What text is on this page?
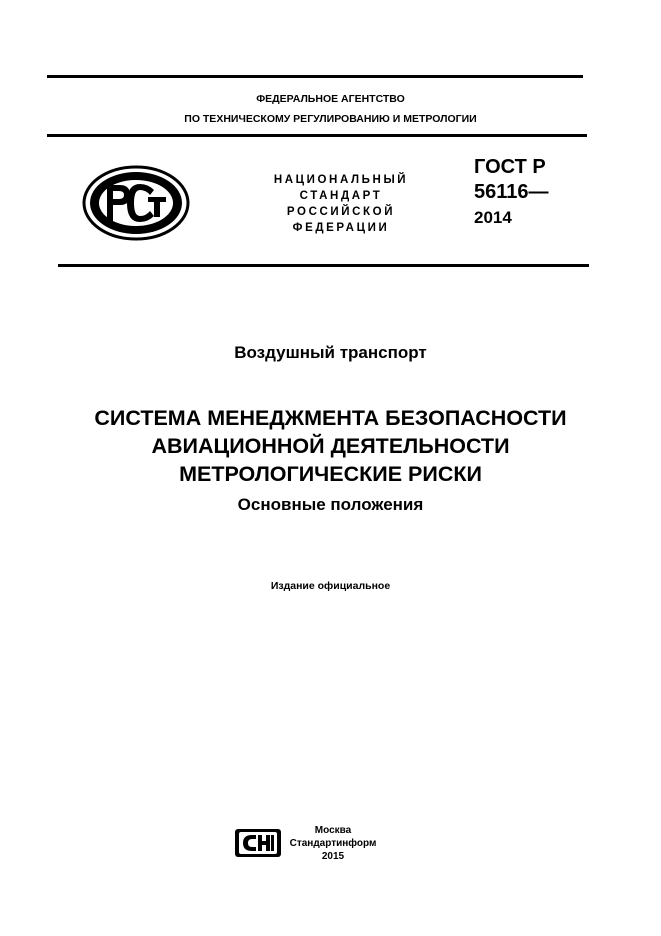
ФЕДЕРАЛЬНОЕ АГЕНТСТВО
ПО ТЕХНИЧЕСКОМУ РЕГУЛИРОВАНИЮ И МЕТРОЛОГИИ
НАЦИОНАЛЬНЫЙ
СТАНДАРТ
РОССИЙСКОЙ
ФЕДЕРАЦИИ
ГОСТ Р
56116—
2014
Воздушный транспорт
СИСТЕМА МЕНЕДЖМЕНТА БЕЗОПАСНОСТИ
АВИАЦИОННОЙ ДЕЯТЕЛЬНОСТИ
МЕТРОЛОГИЧЕСКИЕ РИСКИ
Основные положения
Издание официальное
Москва
Стандартинформ
2015
